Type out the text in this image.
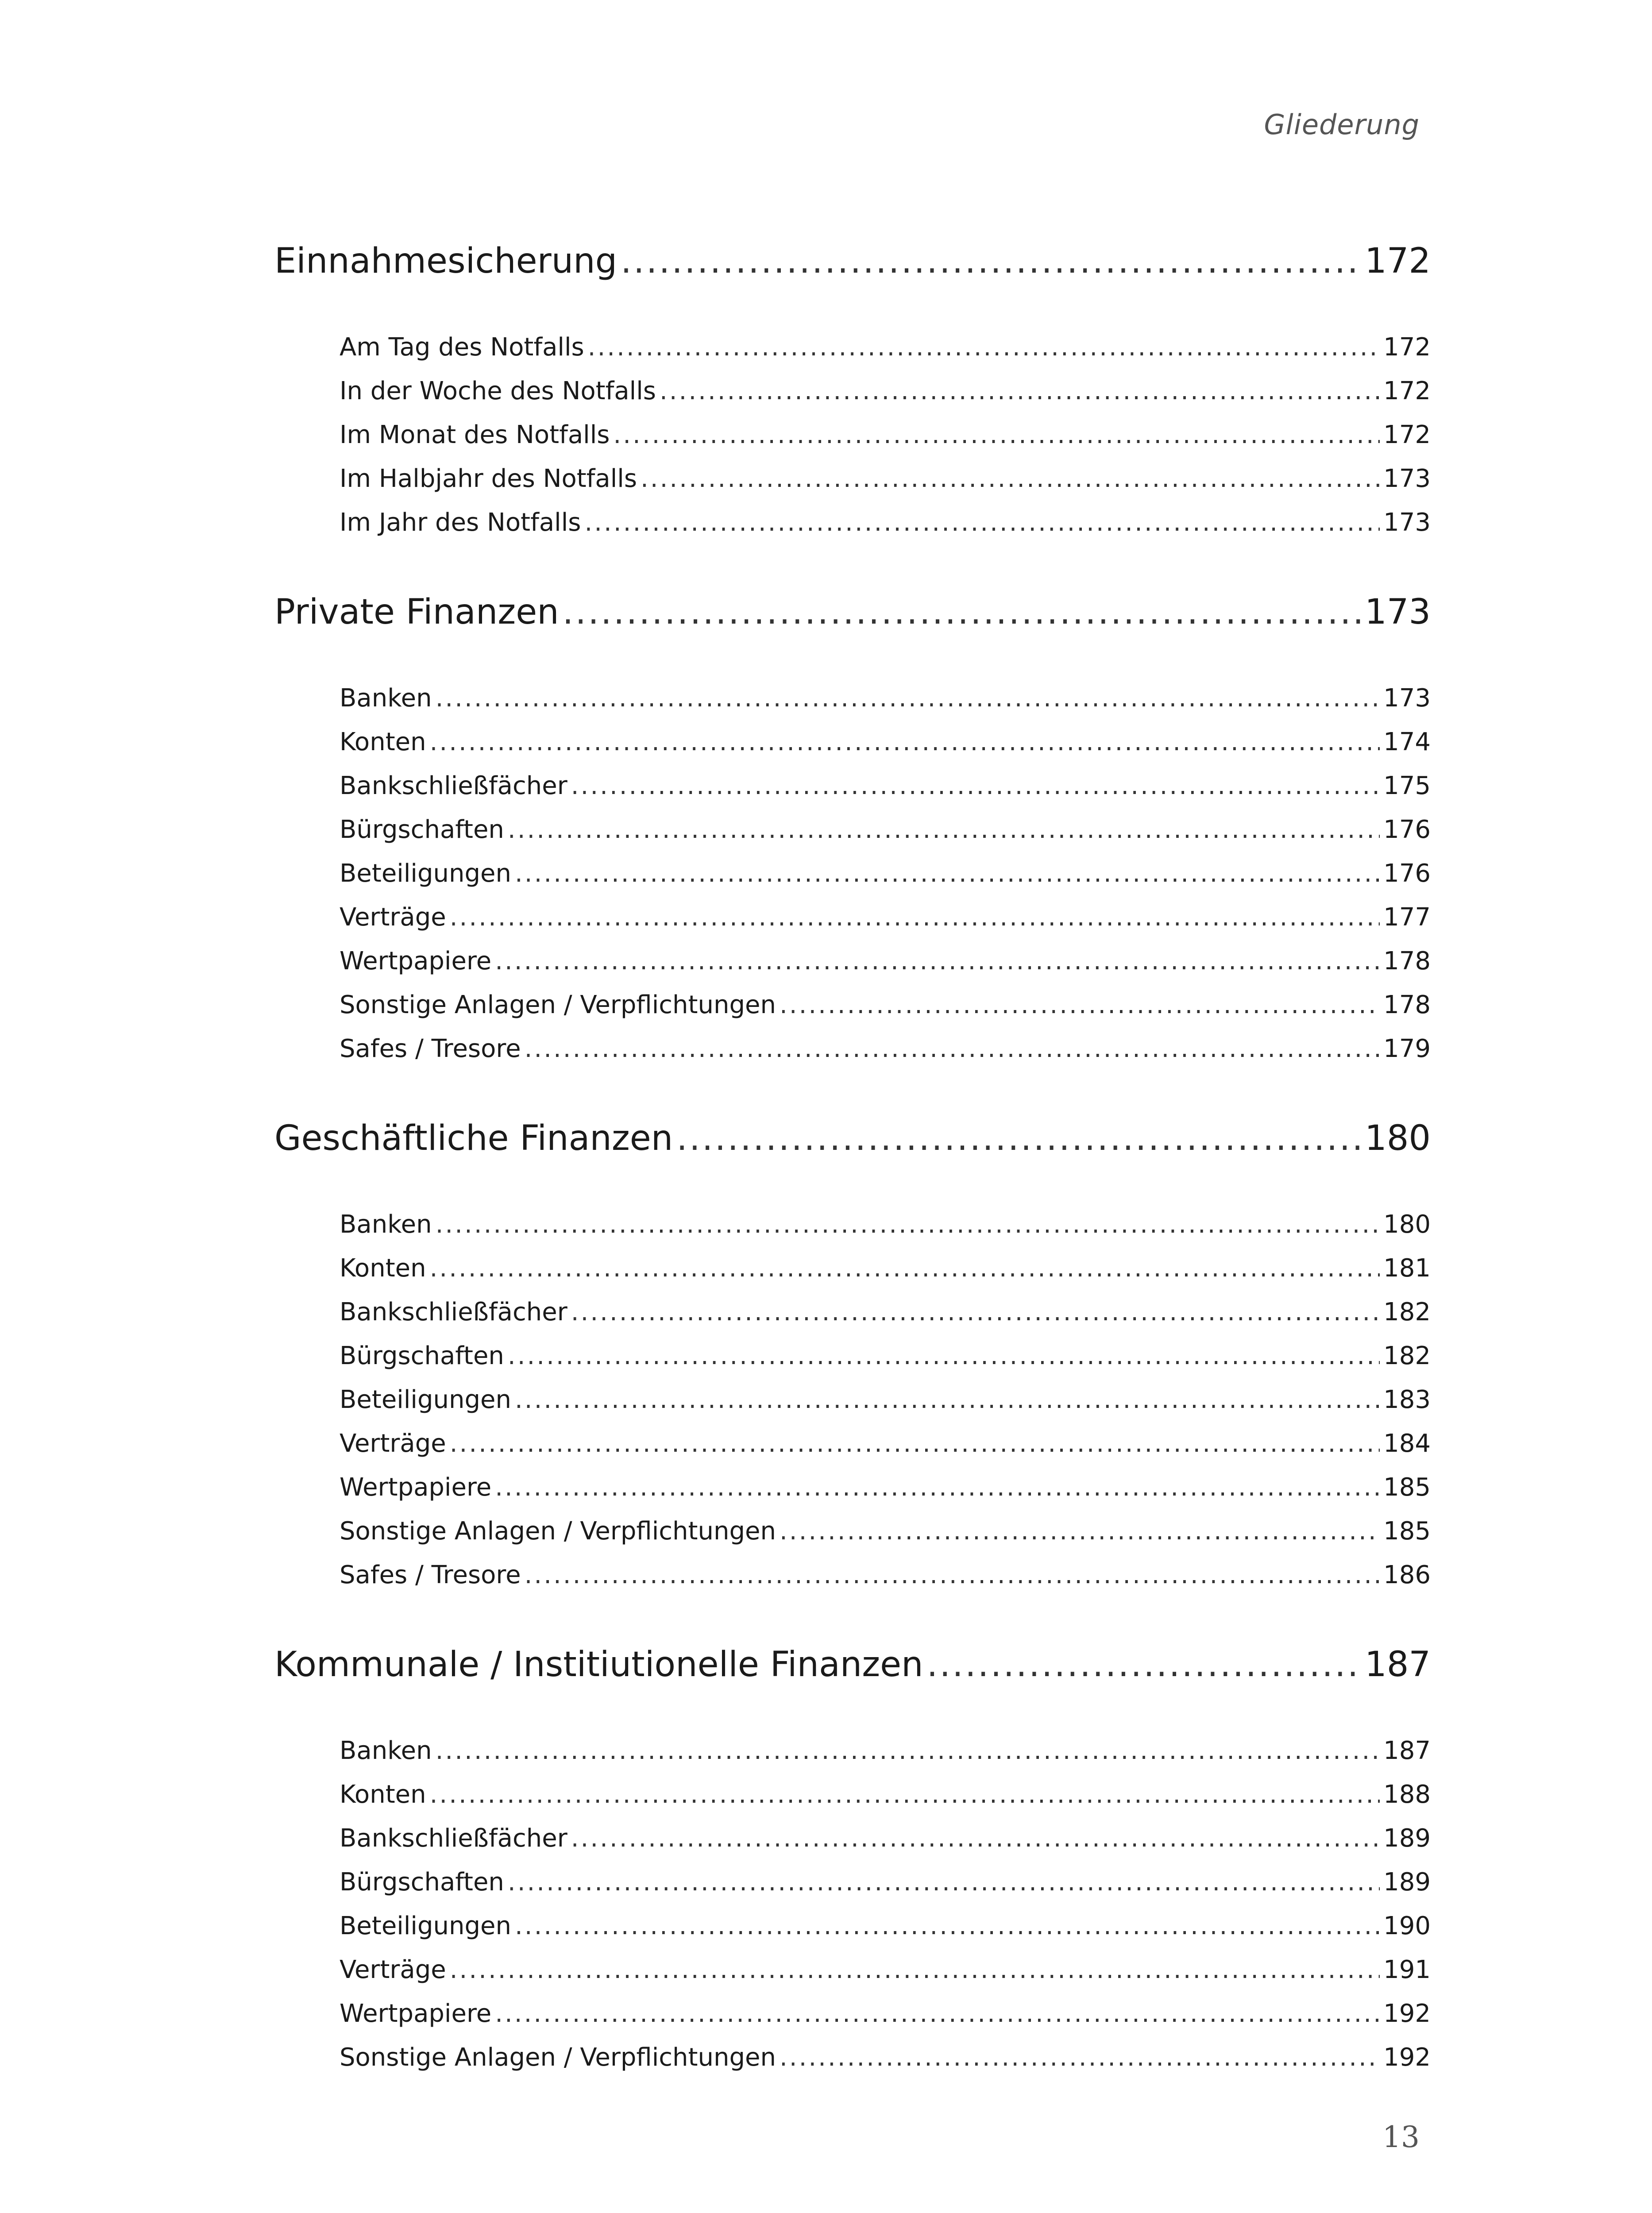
Gliederung
Einnahmesicherung .....	172
Am Tag des Notfalls .....	172
In der Woche des Notfalls .....	172
Im Monat des Notfalls .....	172
Im Halbjahr des Notfalls .....	173
Im Jahr des Notfalls .....	173
Private Finanzen .....	173
Banken .....	173
Konten .....	174
Bankschließfächer .....	175
Bürgschaften .....	176
Beteiligungen .....	176
Verträge .....	177
Wertpapiere .....	178
Sonstige Anlagen / Verpflichtungen .....	178
Safes / Tresore .....	179
Geschäftliche Finanzen .....	180
Banken .....	180
Konten .....	181
Bankschließfächer .....	182
Bürgschaften .....	182
Beteiligungen .....	183
Verträge .....	184
Wertpapiere .....	185
Sonstige Anlagen / Verpflichtungen .....	185
Safes / Tresore .....	186
Kommunale / Institiutionelle Finanzen .....	187
Banken .....	187
Konten .....	188
Bankschließfächer .....	189
Bürgschaften .....	189
Beteiligungen .....	190
Verträge .....	191
Wertpapiere .....	192
Sonstige Anlagen / Verpflichtungen .....	192
13
